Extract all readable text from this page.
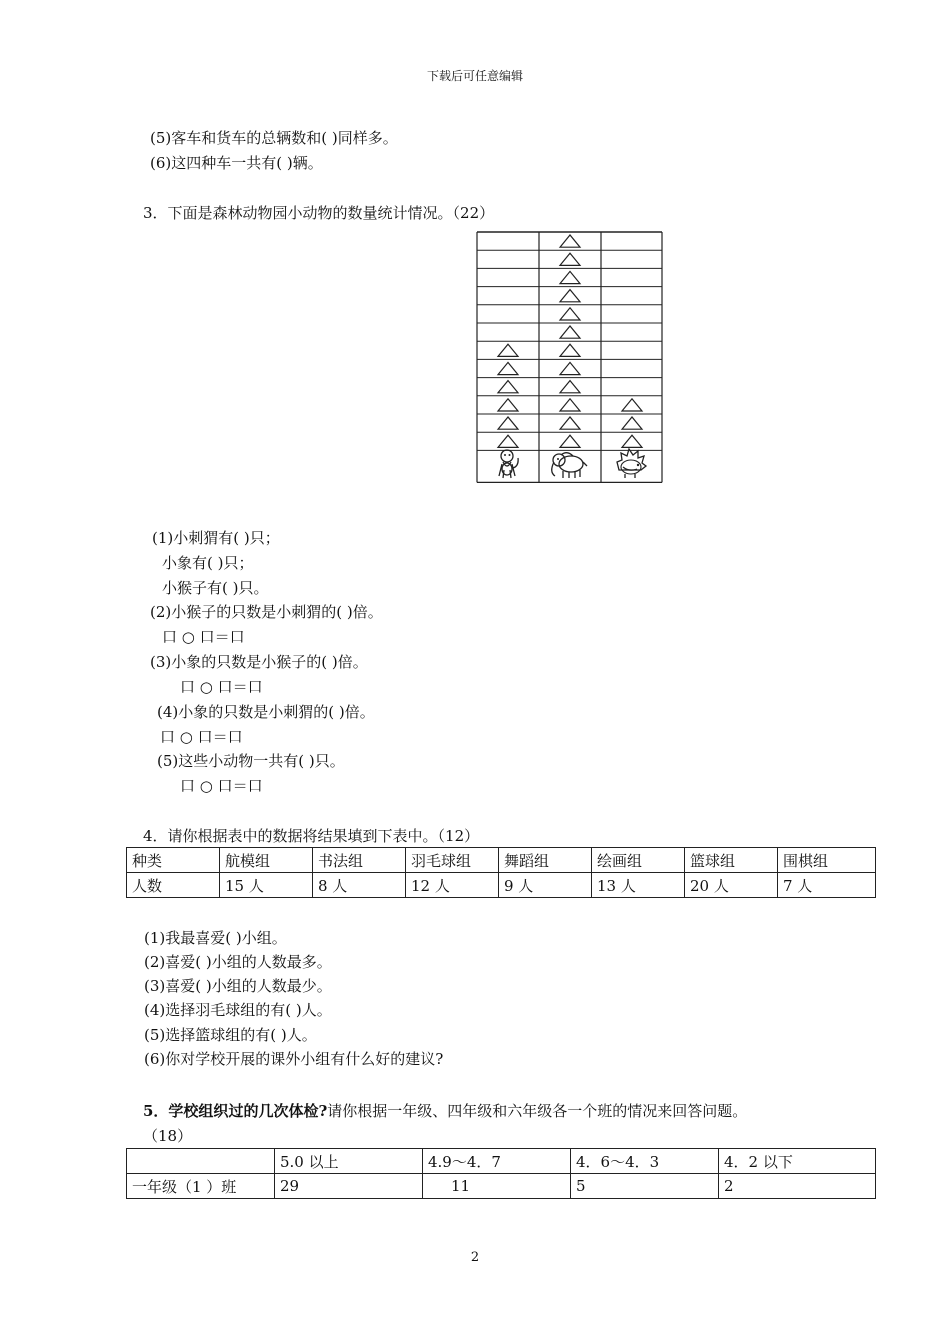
下载后可任意编辑
(5)客车和货车的总辆数和( )同样多。
(6)这四种车一共有( )辆。
3．下面是森林动物园小动物的数量统计情况。（22）
(1)小刺猬有( )只；
小象有( )只；
小猴子有( )只。
(2)小猴子的只数是小刺猬的( )倍。
口 ○ 口＝口
(3)小象的只数是小猴子的( )倍。
口 ○ 口＝口
(4)小象的只数是小刺猬的( )倍。
口 ○ 口＝口
(5)这些小动物一共有( )只。
口 ○ 口＝口
4．请你根据表中的数据将结果填到下表中。（12）
种类	航模组	书法组	羽毛球组	舞蹈组	绘画组	篮球组	围棋组
人数	15 人	8 人	12 人	9 人	13 人	20 人	7 人
(1)我最喜爱( )小组。
(2)喜爱( )小组的人数最多。
(3)喜爱( )小组的人数最少。
(4)选择羽毛球组的有( )人。
(5)选择篮球组的有( )人。
(6)你对学校开展的课外小组有什么好的建议?
5．学校组织过的几次体检?请你根据一年级、四年级和六年级各一个班的情况来回答问题。
（18）
	5.0 以上	4.9～4．7	4．6～4．3	4．2 以下
一年级（1 ）班	29	11	5	2
2
